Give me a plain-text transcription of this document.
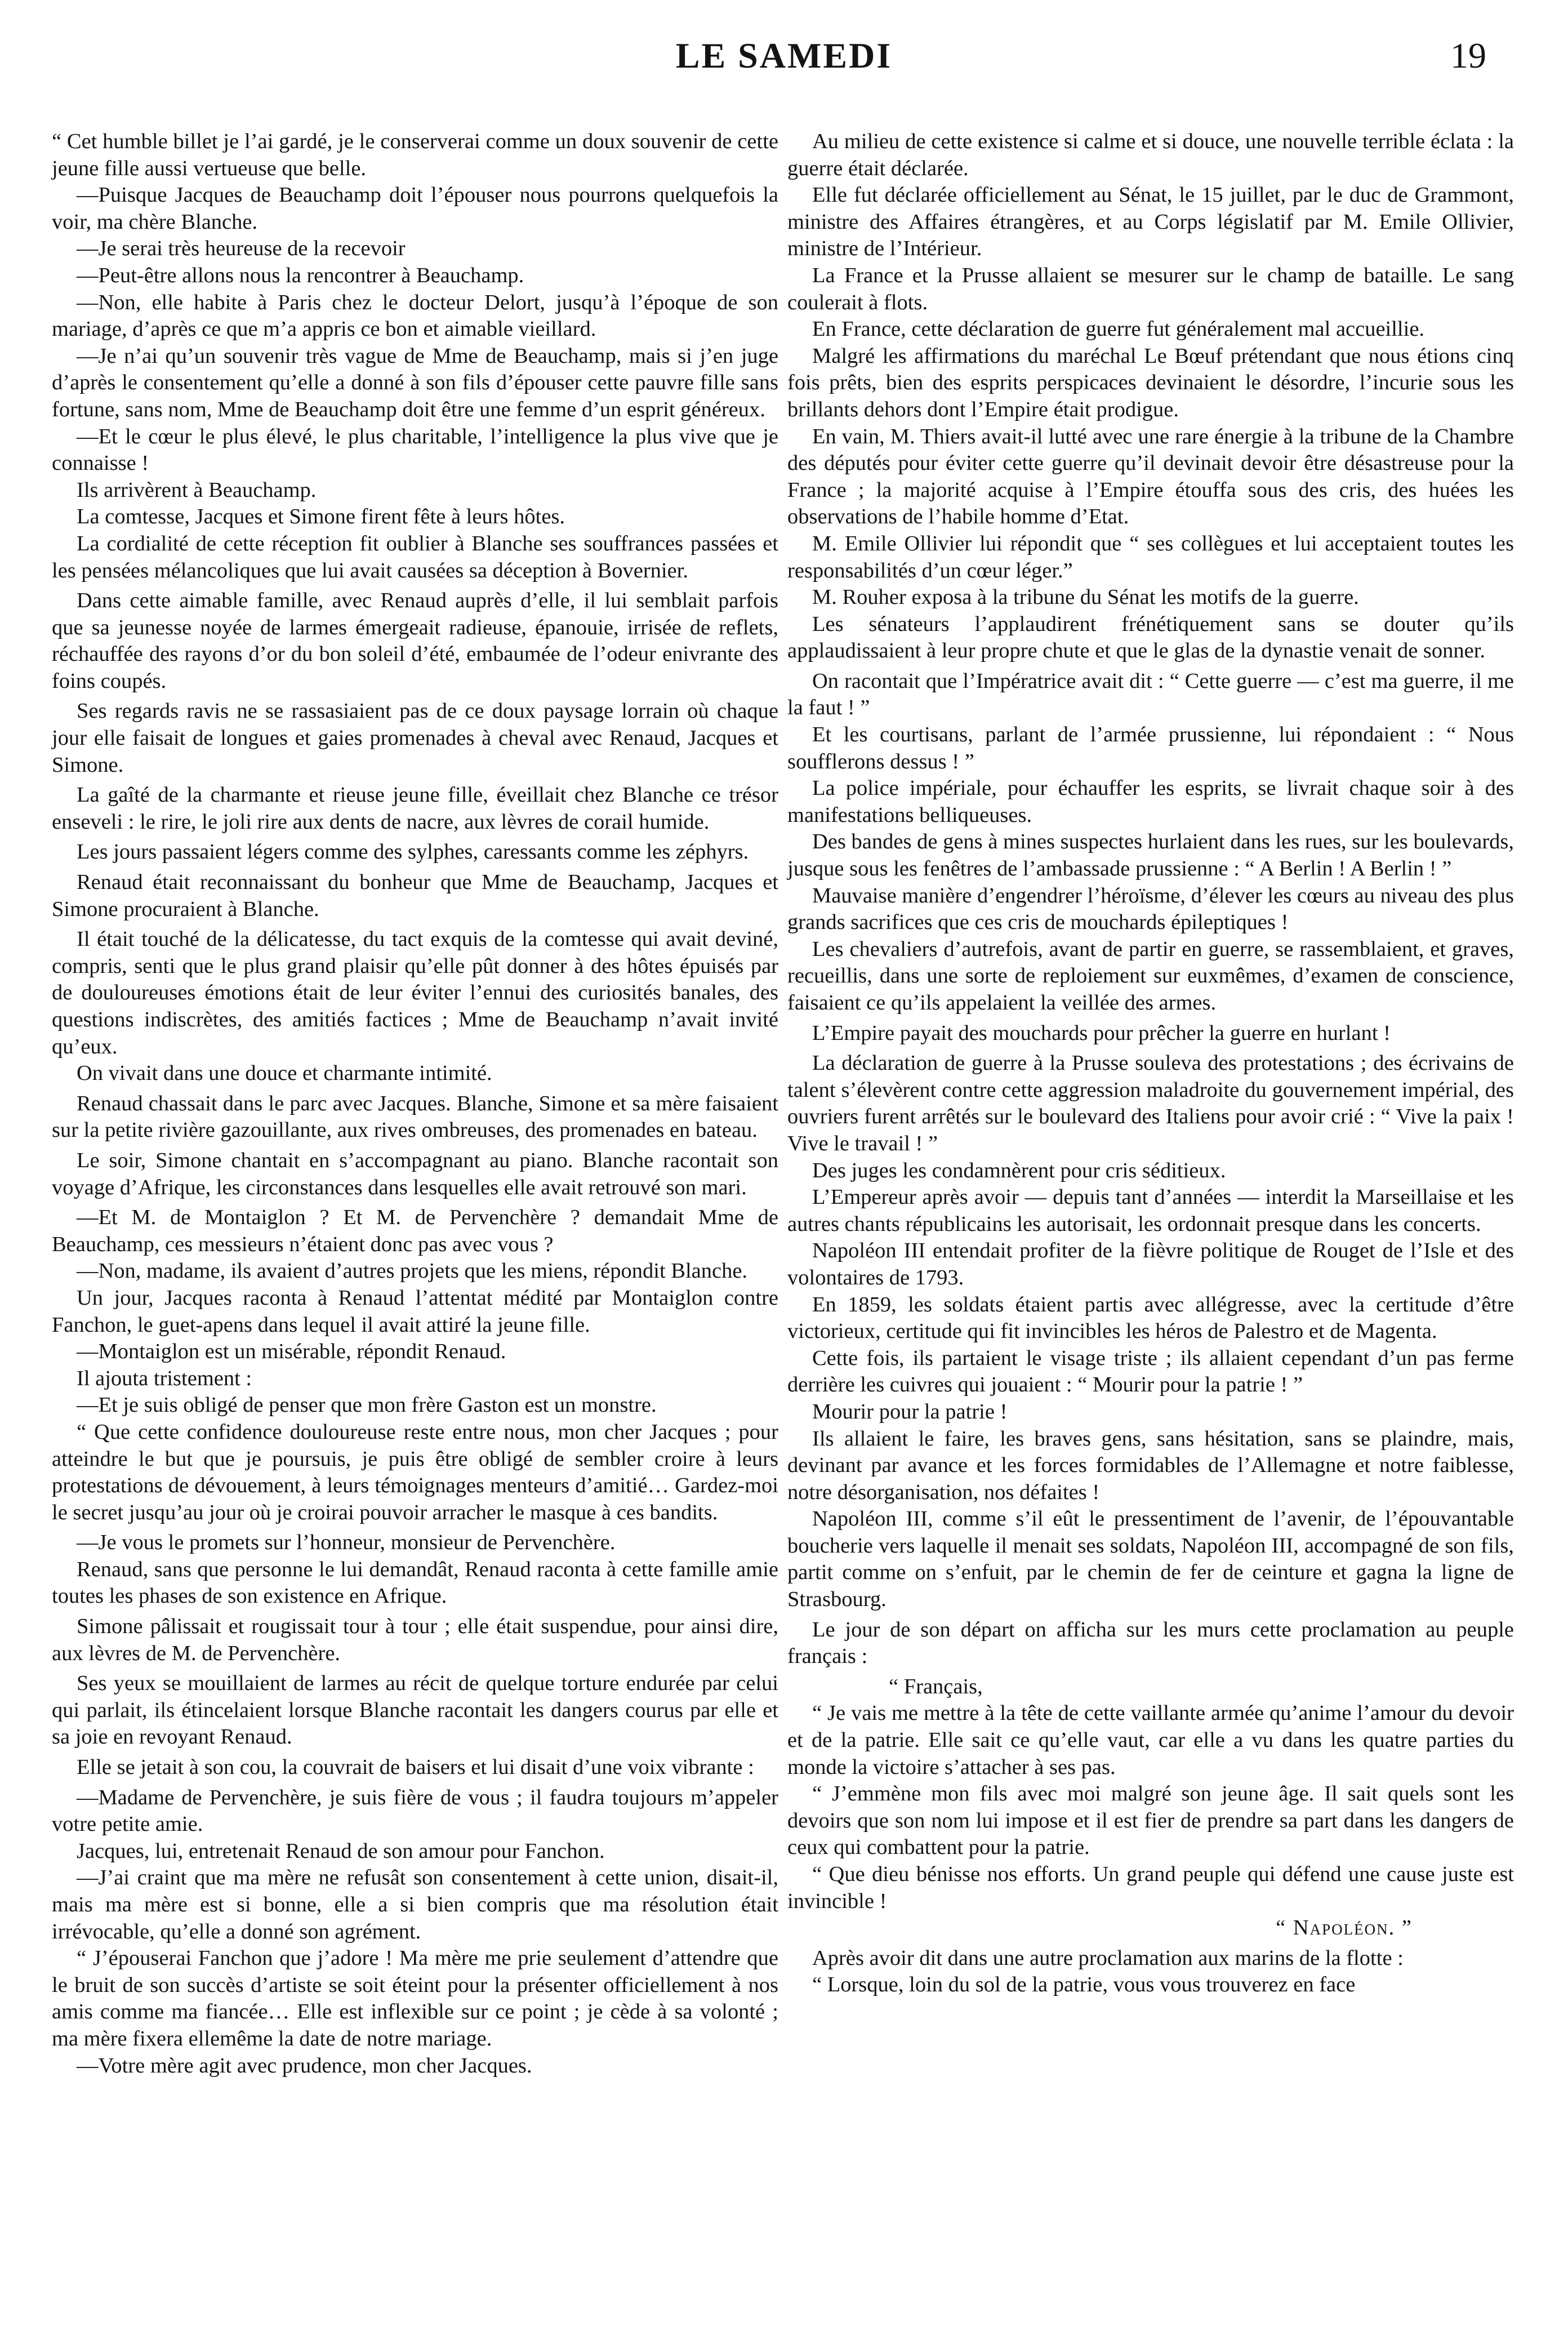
LE SAMEDI	19

“ Cet humble billet je l’ai gardé, je le conserverai comme un doux souvenir de cette jeune fille aussi vertueuse que belle.

—Puisque Jacques de Beauchamp doit l’épouser nous pourrons quelquefois la voir, ma chère Blanche.

—Je serai très heureuse de la recevoir

—Peut-être allons nous la rencontrer à Beauchamp.

—Non, elle habite à Paris chez le docteur Delort, jusqu’à l’époque de son mariage, d’après ce que m’a appris ce bon et aimable vieillard.

—Je n’ai qu’un souvenir très vague de Mme de Beauchamp, mais si j’en juge d’après le consentement qu’elle a donné à son fils d’épouser cette pauvre fille sans fortune, sans nom, Mme de Beauchamp doit être une femme d’un esprit généreux.

—Et le cœur le plus élevé, le plus charitable, l’intelligence la plus vive que je connaisse !

Ils arrivèrent à Beauchamp.

La comtesse, Jacques et Simone firent fête à leurs hôtes.

La cordialité de cette réception fit oublier à Blanche ses souffrances passées et les pensées mélancoliques que lui avait causées sa déception à Bovernier.

Dans cette aimable famille, avec Renaud auprès d’elle, il lui semblait parfois que sa jeunesse noyée de larmes émergeait radieuse, épanouie, irrisée de reflets, réchauffée des rayons d’or du bon soleil d’été, embaumée de l’odeur enivrante des foins coupés.

Ses regards ravis ne se rassasiaient pas de ce doux paysage lorrain où chaque jour elle faisait de longues et gaies promenades à cheval avec Renaud, Jacques et Simone.

La gaîté de la charmante et rieuse jeune fille, éveillait chez Blanche ce trésor enseveli : le rire, le joli rire aux dents de nacre, aux lèvres de corail humide.

Les jours passaient légers comme des sylphes, caressants comme les zéphyrs.

Renaud était reconnaissant du bonheur que Mme de Beauchamp, Jacques et Simone procuraient à Blanche.

Il était touché de la délicatesse, du tact exquis de la comtesse qui avait deviné, compris, senti que le plus grand plaisir qu’elle pût donner à des hôtes épuisés par de douloureuses émotions était de leur éviter l’ennui des curiosités banales, des questions indiscrètes, des amitiés factices ; Mme de Beauchamp n’avait invité qu’eux.

On vivait dans une douce et charmante intimité.

Renaud chassait dans le parc avec Jacques. Blanche, Simone et sa mère faisaient sur la petite rivière gazouillante, aux rives ombreuses, des promenades en bateau.

Le soir, Simone chantait en s’accompagnant au piano. Blanche racontait son voyage d’Afrique, les circonstances dans lesquelles elle avait retrouvé son mari.

—Et M. de Montaiglon ? Et M. de Pervenchère ? demandait Mme de Beauchamp, ces messieurs n’étaient donc pas avec vous ?

—Non, madame, ils avaient d’autres projets que les miens, répondit Blanche.

Un jour, Jacques raconta à Renaud l’attentat médité par Montaiglon contre Fanchon, le guet-apens dans lequel il avait attiré la jeune fille.

—Montaiglon est un misérable, répondit Renaud.

Il ajouta tristement :

—Et je suis obligé de penser que mon frère Gaston est un monstre.

“ Que cette confidence douloureuse reste entre nous, mon cher Jacques ; pour atteindre le but que je poursuis, je puis être obligé de sembler croire à leurs protestations de dévouement, à leurs témoignages menteurs d’amitié… Gardez-moi le secret jusqu’au jour où je croirai pouvoir arracher le masque à ces bandits.

—Je vous le promets sur l’honneur, monsieur de Pervenchère.

Renaud, sans que personne le lui demandât, Renaud raconta à cette famille amie toutes les phases de son existence en Afrique.

Simone pâlissait et rougissait tour à tour ; elle était suspendue, pour ainsi dire, aux lèvres de M. de Pervenchère.

Ses yeux se mouillaient de larmes au récit de quelque torture endurée par celui qui parlait, ils étincelaient lorsque Blanche racontait les dangers courus par elle et sa joie en revoyant Renaud.

Elle se jetait à son cou, la couvrait de baisers et lui disait d’une voix vibrante :

—Madame de Pervenchère, je suis fière de vous ; il faudra toujours m’appeler votre petite amie.

Jacques, lui, entretenait Renaud de son amour pour Fanchon.

—J’ai craint que ma mère ne refusât son consentement à cette union, disait-il, mais ma mère est si bonne, elle a si bien compris que ma résolution était irrévocable, qu’elle a donné son agrément.

“ J’épouserai Fanchon que j’adore ! Ma mère me prie seulement d’attendre que le bruit de son succès d’artiste se soit éteint pour la présenter officiellement à nos amis comme ma fiancée… Elle est inflexible sur ce point ; je cède à sa volonté ; ma mère fixera ellemême la date de notre mariage.

—Votre mère agit avec prudence, mon cher Jacques.

Au milieu de cette existence si calme et si douce, une nouvelle terrible éclata : la guerre était déclarée.

Elle fut déclarée officiellement au Sénat, le 15 juillet, par le duc de Grammont, ministre des Affaires étrangères, et au Corps législatif par M. Emile Ollivier, ministre de l’Intérieur.

La France et la Prusse allaient se mesurer sur le champ de bataille. Le sang coulerait à flots.

En France, cette déclaration de guerre fut généralement mal accueillie.

Malgré les affirmations du maréchal Le Bœuf prétendant que nous étions cinq fois prêts, bien des esprits perspicaces devinaient le désordre, l’incurie sous les brillants dehors dont l’Empire était prodigue.

En vain, M. Thiers avait-il lutté avec une rare énergie à la tribune de la Chambre des députés pour éviter cette guerre qu’il devinait devoir être désastreuse pour la France ; la majorité acquise à l’Empire étouffa sous des cris, des huées les observations de l’habile homme d’Etat.

M. Emile Ollivier lui répondit que “ ses collègues et lui acceptaient toutes les responsabilités d’un cœur léger.”

M. Rouher exposa à la tribune du Sénat les motifs de la guerre.

Les sénateurs l’applaudirent frénétiquement sans se douter qu’ils applaudissaient à leur propre chute et que le glas de la dynastie venait de sonner.

On racontait que l’Impératrice avait dit : “ Cette guerre — c’est ma guerre, il me la faut ! ”

Et les courtisans, parlant de l’armée prussienne, lui répondaient : “ Nous soufflerons dessus ! ”

La police impériale, pour échauffer les esprits, se livrait chaque soir à des manifestations belliqueuses.

Des bandes de gens à mines suspectes hurlaient dans les rues, sur les boulevards, jusque sous les fenêtres de l’ambassade prussienne : “ A Berlin ! A Berlin ! ”

Mauvaise manière d’engendrer l’héroïsme, d’élever les cœurs au niveau des plus grands sacrifices que ces cris de mouchards épileptiques !

Les chevaliers d’autrefois, avant de partir en guerre, se rassemblaient, et graves, recueillis, dans une sorte de reploiement sur euxmêmes, d’examen de conscience, faisaient ce qu’ils appelaient la veillée des armes.

L’Empire payait des mouchards pour prêcher la guerre en hurlant !

La déclaration de guerre à la Prusse souleva des protestations ; des écrivains de talent s’élevèrent contre cette aggression maladroite du gouvernement impérial, des ouvriers furent arrêtés sur le boulevard des Italiens pour avoir crié : “ Vive la paix ! Vive le travail ! ”

Des juges les condamnèrent pour cris séditieux.

L’Empereur après avoir — depuis tant d’années — interdit la Marseillaise et les autres chants républicains les autorisait, les ordonnait presque dans les concerts.

Napoléon III entendait profiter de la fièvre politique de Rouget de l’Isle et des volontaires de 1793.

En 1859, les soldats étaient partis avec allégresse, avec la certitude d’être victorieux, certitude qui fit invincibles les héros de Palestro et de Magenta.

Cette fois, ils partaient le visage triste ; ils allaient cependant d’un pas ferme derrière les cuivres qui jouaient : “ Mourir pour la patrie ! ”

Mourir pour la patrie !

Ils allaient le faire, les braves gens, sans hésitation, sans se plaindre, mais, devinant par avance et les forces formidables de l’Allemagne et notre faiblesse, notre désorganisation, nos défaites !

Napoléon III, comme s’il eût le pressentiment de l’avenir, de l’épouvantable boucherie vers laquelle il menait ses soldats, Napoléon III, accompagné de son fils, partit comme on s’enfuit, par le chemin de fer de ceinture et gagna la ligne de Strasbourg.

Le jour de son départ on afficha sur les murs cette proclamation au peuple français :

“ Français,

“ Je vais me mettre à la tête de cette vaillante armée qu’anime l’amour du devoir et de la patrie. Elle sait ce qu’elle vaut, car elle a vu dans les quatre parties du monde la victoire s’attacher à ses pas.

“ J’emmène mon fils avec moi malgré son jeune âge. Il sait quels sont les devoirs que son nom lui impose et il est fier de prendre sa part dans les dangers de ceux qui combattent pour la patrie.

“ Que dieu bénisse nos efforts. Un grand peuple qui défend une cause juste est invincible !

“ Napoléon. ”

Après avoir dit dans une autre proclamation aux marins de la flotte :

“ Lorsque, loin du sol de la patrie, vous vous trouverez en face
